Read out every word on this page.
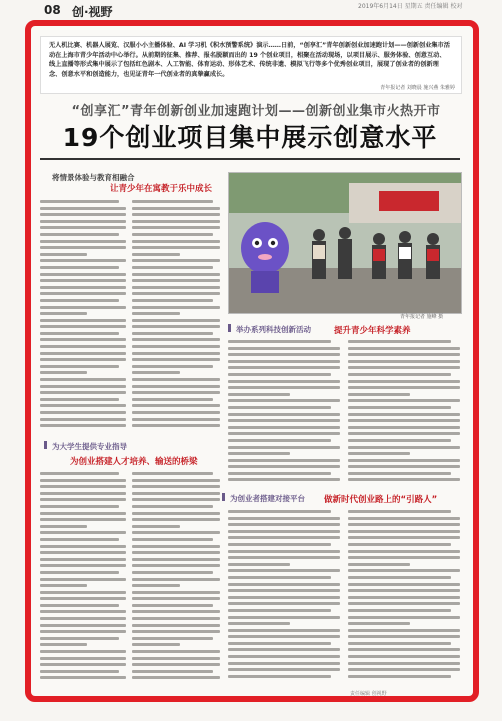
08 创·视野	2019年6月14日 星期五 责任编辑 校对
无人机比赛、机器人展览、汉服小小主播体验、AI 学习机《积水预警系统》演示……日前，“创享汇”青年创新创业加速跑计划——创新创业集市活动在上海市青少年活动中心举行。从前期的征集、推荐、报名脱颖而出的 19 个创业项目，相聚在活动现场，以项目展示、服务体验、创意互动、线上直播等形式集中展示了包括红色剧本、人工智能、体育运动、形体艺术、传统非遗、模拟飞行等多个优秀创业项目，展现了创业者的创新理念、创意水平和创造能力，也见证青年一代创业者的真挚赢成长。
青年报记者 刘晓晨 施兴燕 朱雅婷
“创享汇”青年创新创业加速跑计划——创新创业集市火热开市
19个创业项目集中展示创意水平
将情景体验与教育相融合
让青少年在寓教于乐中成长
青年报记者 施峰 摄
举办系列科技创新活动	提升青少年科学素养
为大学生提供专业指导
为创业搭建人才培养、输送的桥梁
为创业者搭建对接平台 做新时代创业路上的“引路人”
责任编辑 创视野
